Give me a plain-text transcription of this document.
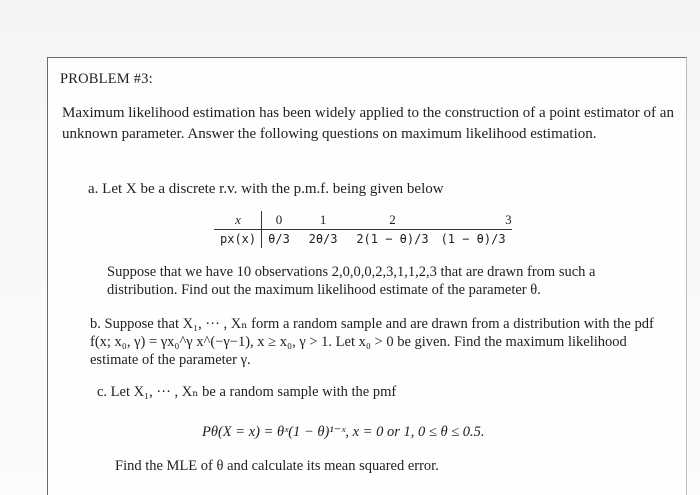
PROBLEM #3:
Maximum likelihood estimation has been widely applied to the construction of a point estimator of an unknown parameter. Answer the following questions on maximum likelihood estimation.
a. Let X be a discrete r.v. with the p.m.f. being given below
x	0	1	2	3
px(x)	θ/3	2θ/3	2(1 − θ)/3	(1 − θ)/3
Suppose that we have 10 observations 2,0,0,0,2,3,1,1,2,3 that are drawn from such a distribution. Find out the maximum likelihood estimate of the parameter θ.
b. Suppose that X₁, ··· , Xₙ form a random sample and are drawn from a distribution with the pdf f(x; x₀, γ) = γx₀^γ x^(−γ−1), x ≥ x₀, γ > 1. Let x₀ > 0 be given. Find the maximum likelihood estimate of the parameter γ.
c. Let X₁, ··· , Xₙ be a random sample with the pmf
Pθ(X = x) = θˣ(1 − θ)¹⁻ˣ, x = 0 or 1, 0 ≤ θ ≤ 0.5.
Find the MLE of θ and calculate its mean squared error.
